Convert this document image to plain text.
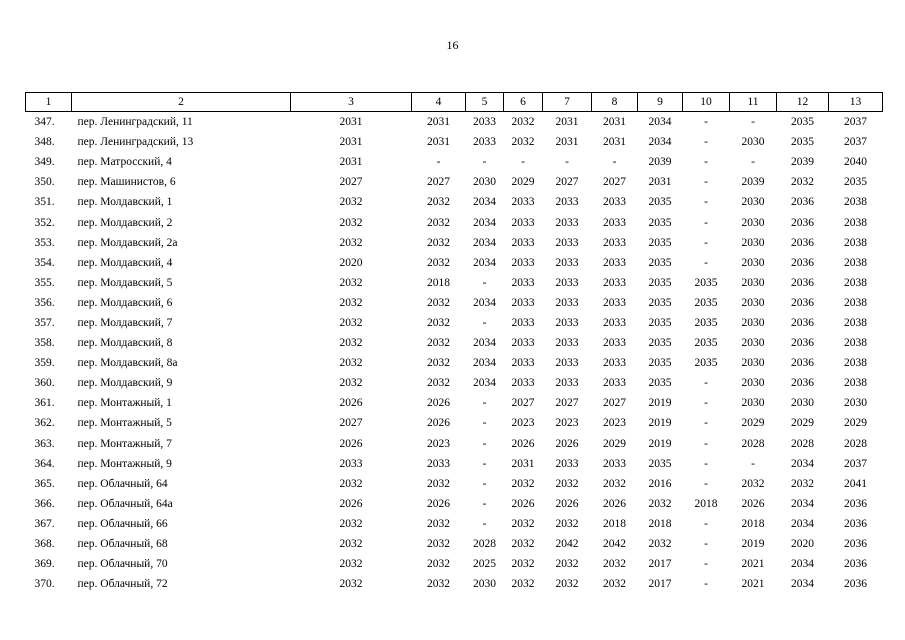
16
1	2	3	4	5	6	7	8	9	10	11	12	13
347.	пер. Ленинградский, 11	2031	2031	2033	2032	2031	2031	2034	-	-	2035	2037
348.	пер. Ленинградский, 13	2031	2031	2033	2032	2031	2031	2034	-	2030	2035	2037
349.	пер. Матросский, 4	2031	-	-	-	-	-	2039	-	-	2039	2040
350.	пер. Машинистов, 6	2027	2027	2030	2029	2027	2027	2031	-	2039	2032	2035
351.	пер. Молдавский, 1	2032	2032	2034	2033	2033	2033	2035	-	2030	2036	2038
352.	пер. Молдавский, 2	2032	2032	2034	2033	2033	2033	2035	-	2030	2036	2038
353.	пер. Молдавский, 2а	2032	2032	2034	2033	2033	2033	2035	-	2030	2036	2038
354.	пер. Молдавский, 4	2020	2032	2034	2033	2033	2033	2035	-	2030	2036	2038
355.	пер. Молдавский, 5	2032	2018	-	2033	2033	2033	2035	2035	2030	2036	2038
356.	пер. Молдавский, 6	2032	2032	2034	2033	2033	2033	2035	2035	2030	2036	2038
357.	пер. Молдавский, 7	2032	2032	-	2033	2033	2033	2035	2035	2030	2036	2038
358.	пер. Молдавский, 8	2032	2032	2034	2033	2033	2033	2035	2035	2030	2036	2038
359.	пер. Молдавский, 8а	2032	2032	2034	2033	2033	2033	2035	2035	2030	2036	2038
360.	пер. Молдавский, 9	2032	2032	2034	2033	2033	2033	2035	-	2030	2036	2038
361.	пер. Монтажный, 1	2026	2026	-	2027	2027	2027	2019	-	2030	2030	2030
362.	пер. Монтажный, 5	2027	2026	-	2023	2023	2023	2019	-	2029	2029	2029
363.	пер. Монтажный, 7	2026	2023	-	2026	2026	2029	2019	-	2028	2028	2028
364.	пер. Монтажный, 9	2033	2033	-	2031	2033	2033	2035	-	-	2034	2037
365.	пер. Облачный, 64	2032	2032	-	2032	2032	2032	2016	-	2032	2032	2041
366.	пер. Облачный, 64а	2026	2026	-	2026	2026	2026	2032	2018	2026	2034	2036
367.	пер. Облачный, 66	2032	2032	-	2032	2032	2018	2018	-	2018	2034	2036
368.	пер. Облачный, 68	2032	2032	2028	2032	2042	2042	2032	-	2019	2020	2036
369.	пер. Облачный, 70	2032	2032	2025	2032	2032	2032	2017	-	2021	2034	2036
370.	пер. Облачный, 72	2032	2032	2030	2032	2032	2032	2017	-	2021	2034	2036
